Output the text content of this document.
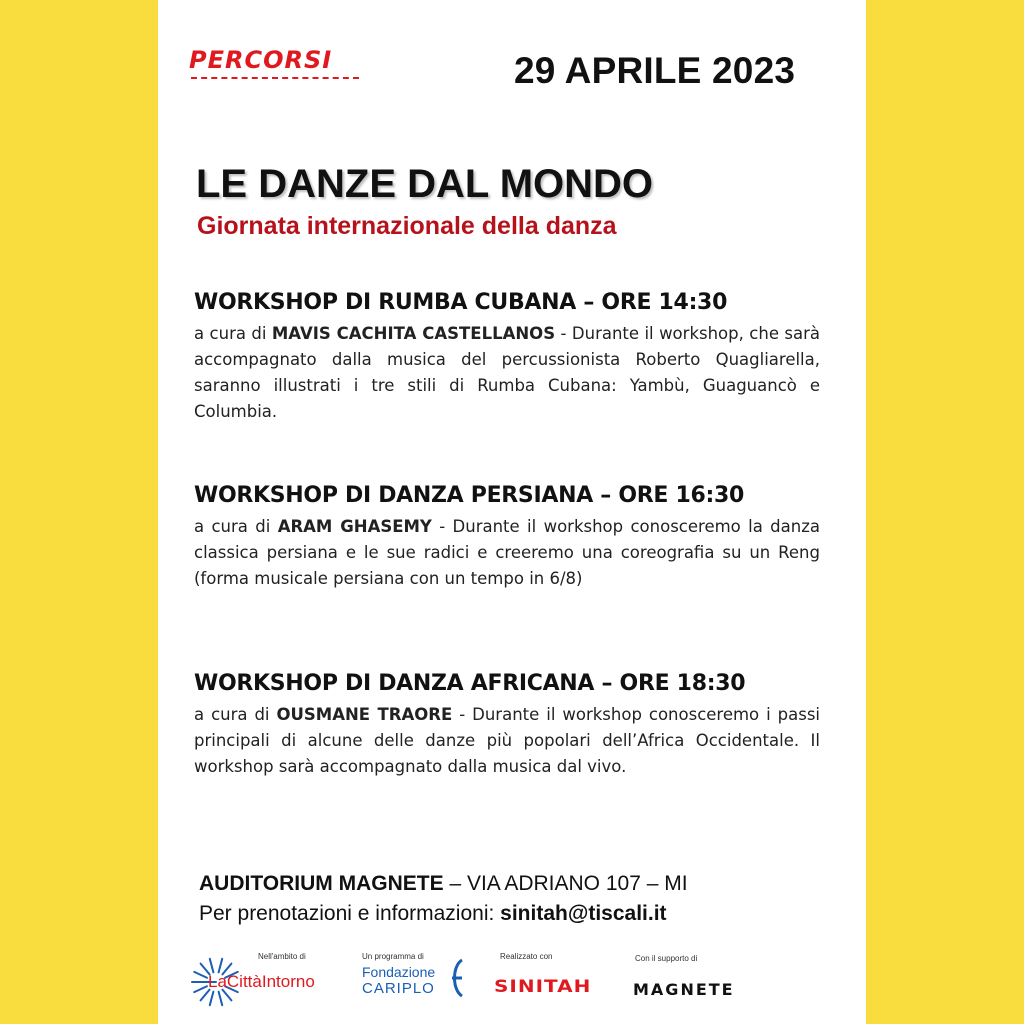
PERCORSI	29 APRILE 2023
LE DANZE DAL MONDO
Giornata internazionale della danza
WORKSHOP DI RUMBA CUBANA – ORE 14:30

a cura di MAVIS CACHITA CASTELLANOS - Durante il workshop, che sarà accompagnato dalla musica del percussionista Roberto Quagliarella, saranno illustrati i tre stili di Rumba Cubana: Yambù, Guaguancò e Columbia.

WORKSHOP DI DANZA PERSIANA – ORE 16:30

a cura di ARAM GHASEMY - Durante il workshop conosceremo la danza classica persiana e le sue radici e creeremo una coreografia su un Reng (forma musicale persiana con un tempo in 6/8)

WORKSHOP DI DANZA AFRICANA – ORE 18:30

a cura di OUSMANE TRAORE - Durante il workshop conosceremo i passi principali di alcune delle danze più popolari dell’Africa Occidentale. Il workshop sarà accompagnato dalla musica dal vivo.

AUDITORIUM MAGNETE – VIA ADRIANO 107 – MI
Per prenotazioni e informazioni: sinitah@tiscali.it
Nell'ambito di
LaCittàIntorno
Un programma di
Fondazione
CARIPLO
Realizzato con
SINITAH
Con il supporto di
MAGNETE
